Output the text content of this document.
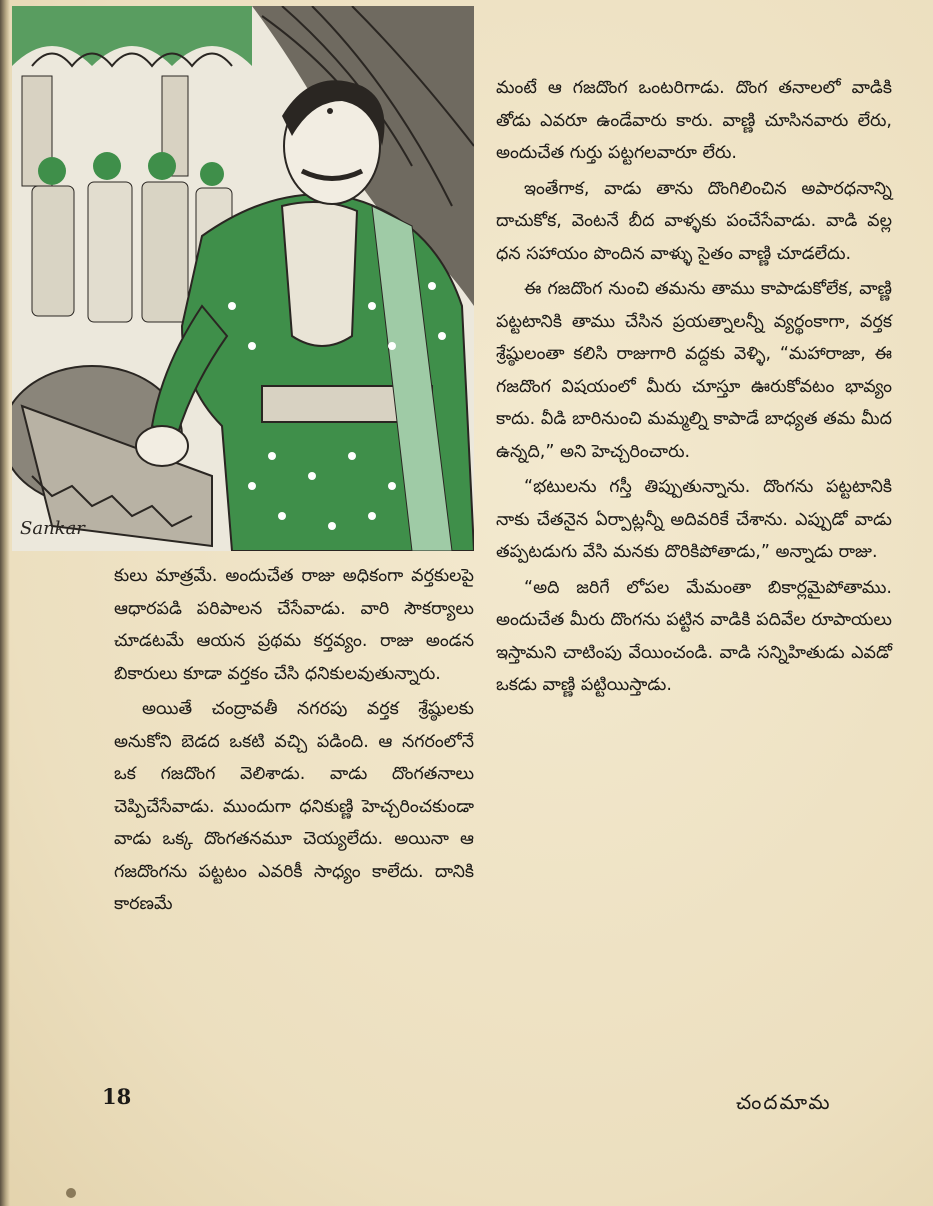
Sankar

మంటే ఆ గజదొంగ ఒంటరిగాడు. దొంగ తనాలలో వాడికి తోడు ఎవరూ ఉండేవారు కారు. వాణ్ణి చూసినవారు లేరు, అందుచేత గుర్తు పట్టగలవారూ లేరు.

ఇంతేగాక, వాడు తాను దొంగిలించిన అపారధనాన్ని దాచుకోక, వెంటనే బీద వాళ్ళకు పంచేసేవాడు. వాడి వల్ల ధన సహాయం పొందిన వాళ్ళు సైతం వాణ్ణి చూడలేదు.

ఈ గజదొంగ నుంచి తమను తాము కాపాడుకోలేక, వాణ్ణి పట్టటానికి తాము చేసిన ప్రయత్నాలన్నీ వ్యర్థంకాగా, వర్తక శ్రేష్ఠులంతా కలిసి రాజుగారి వద్దకు వెళ్ళి, “మహారాజా, ఈ గజదొంగ విషయంలో మీరు చూస్తూ ఊరుకోవటం భావ్యం కాదు. వీడి బారినుంచి మమ్మల్ని కాపాడే బాధ్యత తమ మీద ఉన్నది,” అని హెచ్చరించారు.

“భటులను గస్తీ తిప్పుతున్నాను. దొంగను పట్టటానికి నాకు చేతనైన ఏర్పాట్లన్నీ అదివరికే చేశాను. ఎప్పుడో వాడు తప్పటడుగు వేసి మనకు దొరికిపోతాడు,” అన్నాడు రాజు.

“అది జరిగే లోపల మేమంతా బికార్లమైపోతాము. అందుచేత మీరు దొంగను పట్టిన వాడికి పదివేల రూపాయలు ఇస్తామని చాటింపు వేయించండి. వాడి సన్నిహితుడు ఎవడో ఒకడు వాణ్ణి పట్టియిస్తాడు.

కులు మాత్రమే. అందుచేత రాజు అధికంగా వర్తకులపై ఆధారపడి పరిపాలన చేసేవాడు. వారి సౌకర్యాలు చూడటమే ఆయన ప్రథమ కర్తవ్యం. రాజు అండన బికారులు కూడా వర్తకం చేసి ధనికులవుతున్నారు.

అయితే చంద్రావతీ నగరపు వర్తక శ్రేష్ఠులకు అనుకోని బెడద ఒకటి వచ్చి పడింది. ఆ నగరంలోనే ఒక గజదొంగ వెలిశాడు. వాడు దొంగతనాలు చెప్పిచేసేవాడు. ముందుగా ధనికుణ్ణి హెచ్చరించకుండా వాడు ఒక్క దొంగతనమూ చెయ్యలేదు. అయినా ఆ గజదొంగను పట్టటం ఎవరికీ సాధ్యం కాలేదు. దానికి కారణమే

18	చందమామ
